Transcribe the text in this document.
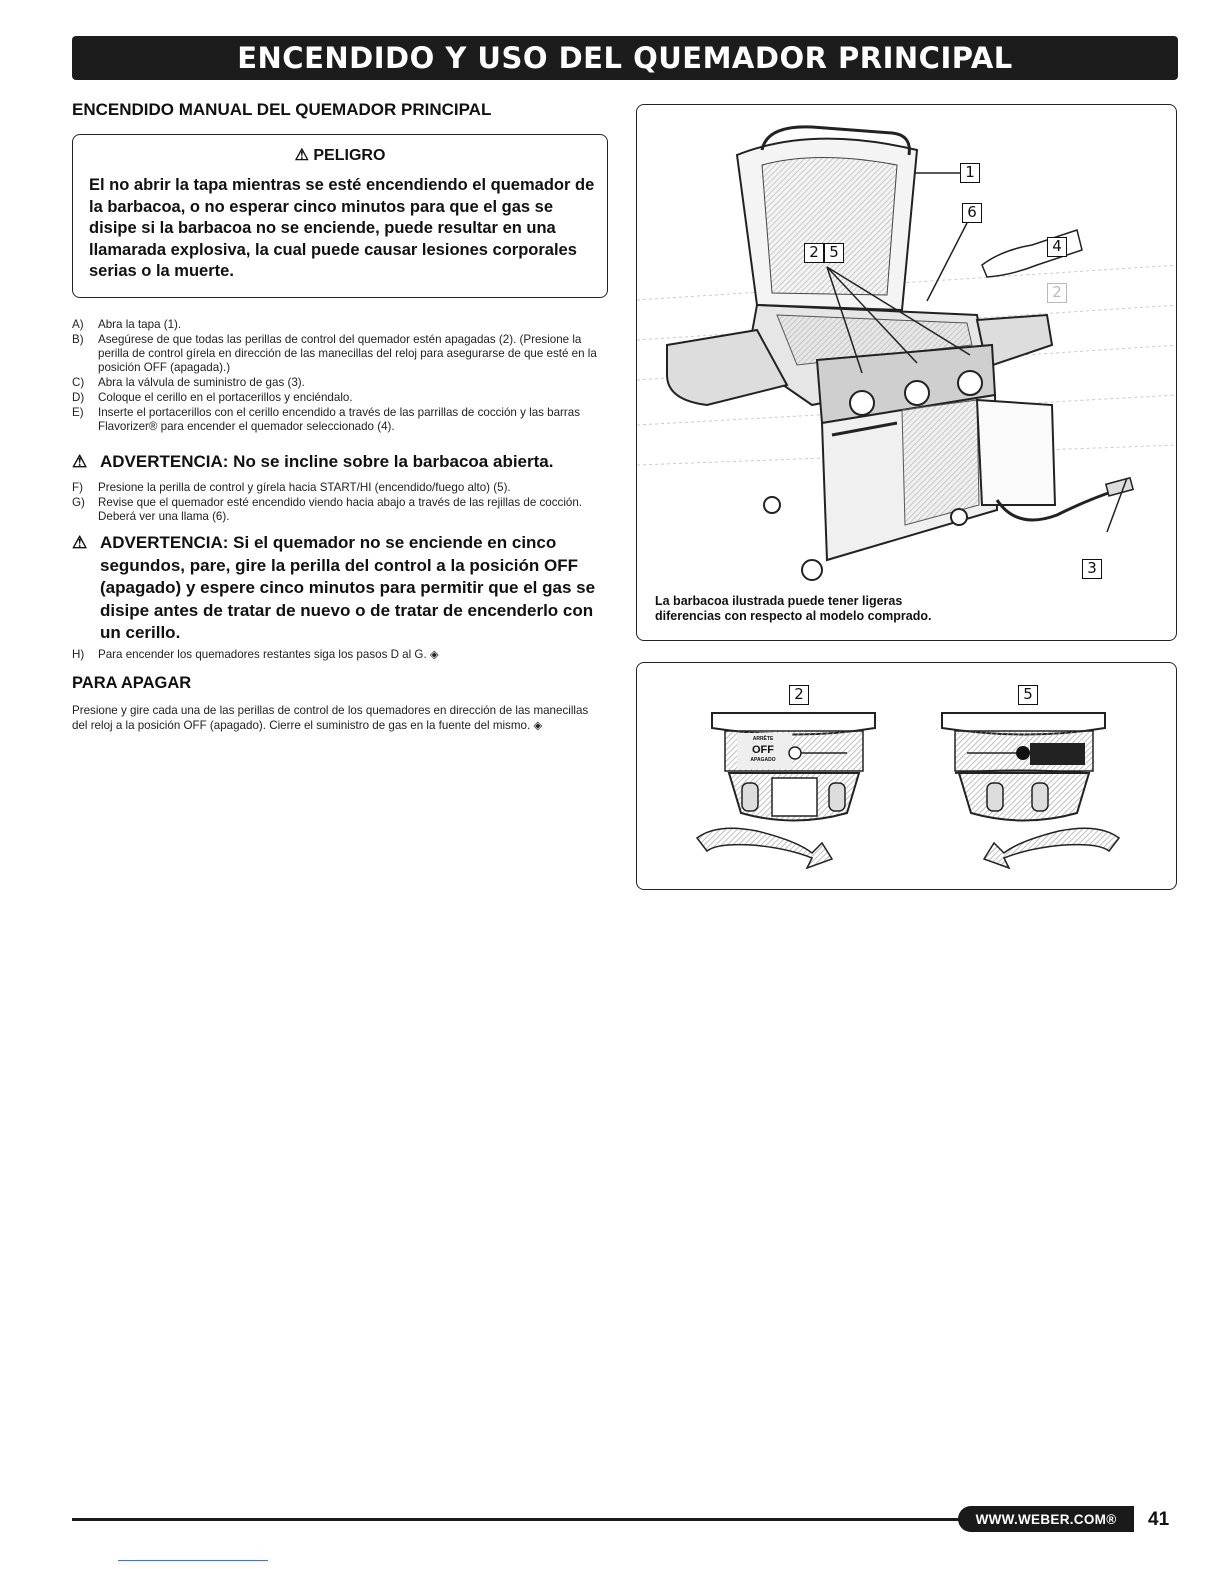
ENCENDIDO Y USO DEL QUEMADOR PRINCIPAL
ENCENDIDO MANUAL DEL QUEMADOR PRINCIPAL
⚠ PELIGRO
El no abrir la tapa mientras se esté encendiendo el quemador de la barbacoa, o no esperar cinco minutos para que el gas se disipe si la barbacoa no se enciende, puede resultar en una llamarada explosiva, la cual puede causar lesiones corporales serias o la muerte.
A)	Abra la tapa (1).
B)	Asegúrese de que todas las perillas de control del quemador estén apagadas (2). (Presione la perilla de control gírela en dirección de las manecillas del reloj para asegurarse de que esté en la posición OFF (apagada).)
C)	Abra la válvula de suministro de gas (3).
D)	Coloque el cerillo en el portacerillos y enciéndalo.
E)	Inserte el portacerillos con el cerillo encendido a través de las parrillas de cocción y las barras Flavorizer® para encender el quemador seleccionado (4).
⚠ ADVERTENCIA: No se incline sobre la barbacoa abierta.
F)	Presione la perilla de control y gírela hacia START/HI (encendido/fuego alto) (5).
G)	Revise que el quemador esté encendido viendo hacia abajo a través de las rejillas de cocción. Deberá ver una llama (6).
⚠ ADVERTENCIA: Si el quemador no se enciende en cinco segundos, pare, gire la perilla del control a la posición OFF (apagado) y espere cinco minutos para permitir que el gas se disipe antes de tratar de nuevo o de tratar de encenderlo con un cerillo.
H)	Para encender los quemadores restantes siga los pasos D al G. ◈
PARA APAGAR
Presione y gire cada una de las perillas de control de los quemadores en dirección de las manecillas del reloj a la posición OFF (apagado). Cierre el suministro de gas en la fuente del mismo. ◈
1
6
2 5	4
2
3
La barbacoa ilustrada puede tener ligeras
diferencias con respecto al modelo comprado.
2	5
ARRÊTE
OFF
APAGADO
WWW.WEBER.COM® 41
